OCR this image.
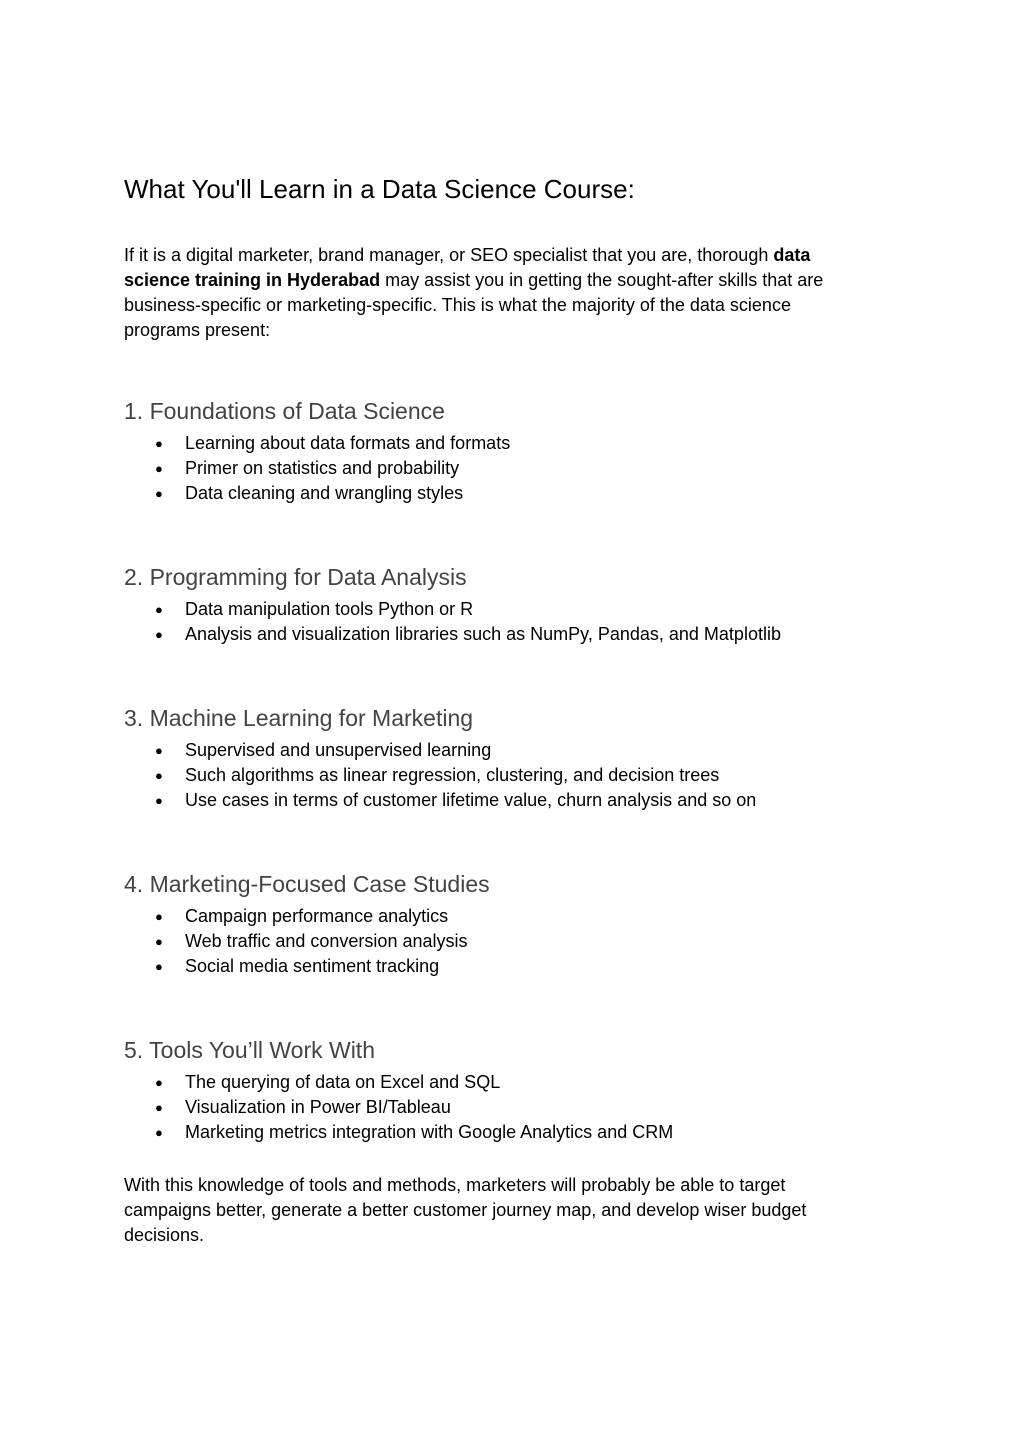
What You'll Learn in a Data Science Course:

If it is a digital marketer, brand manager, or SEO specialist that you are, thorough data science training in Hyderabad may assist you in getting the sought-after skills that are business-specific or marketing-specific. This is what the majority of the data science programs present:

1. Foundations of Data Science
● Learning about data formats and formats
● Primer on statistics and probability
● Data cleaning and wrangling styles
2. Programming for Data Analysis
● Data manipulation tools Python or R
● Analysis and visualization libraries such as NumPy, Pandas, and Matplotlib
3. Machine Learning for Marketing
● Supervised and unsupervised learning
● Such algorithms as linear regression, clustering, and decision trees
● Use cases in terms of customer lifetime value, churn analysis and so on
4. Marketing-Focused Case Studies
● Campaign performance analytics
● Web traffic and conversion analysis
● Social media sentiment tracking
5. Tools You’ll Work With
● The querying of data on Excel and SQL
● Visualization in Power BI/Tableau
● Marketing metrics integration with Google Analytics and CRM

With this knowledge of tools and methods, marketers will probably be able to target campaigns better, generate a better customer journey map, and develop wiser budget decisions.
